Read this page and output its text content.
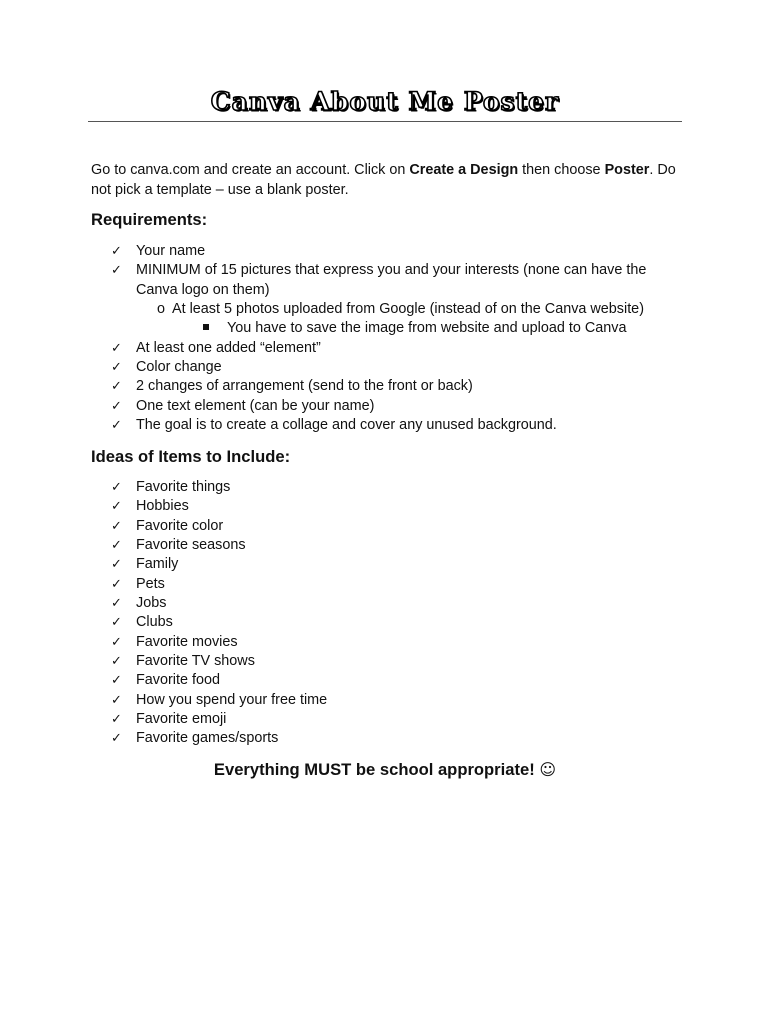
Canva About Me Poster

Go to canva.com and create an account. Click on Create a Design then choose Poster. Do not pick a template – use a blank poster.

Requirements:
✓ Your name
✓ MINIMUM of 15 pictures that express you and your interests (none can have the Canva logo on them)
o At least 5 photos uploaded from Google (instead of on the Canva website)
You have to save the image from website and upload to Canva
✓ At least one added “element”
✓ Color change
✓ 2 changes of arrangement (send to the front or back)
✓ One text element (can be your name)
✓ The goal is to create a collage and cover any unused background.
Ideas of Items to Include:
✓ Favorite things
✓ Hobbies
✓ Favorite color
✓ Favorite seasons
✓ Family
✓ Pets
✓ Jobs
✓ Clubs
✓ Favorite movies
✓ Favorite TV shows
✓ Favorite food
✓ How you spend your free time
✓ Favorite emoji
✓ Favorite games/sports

Everything MUST be school appropriate! ☺
